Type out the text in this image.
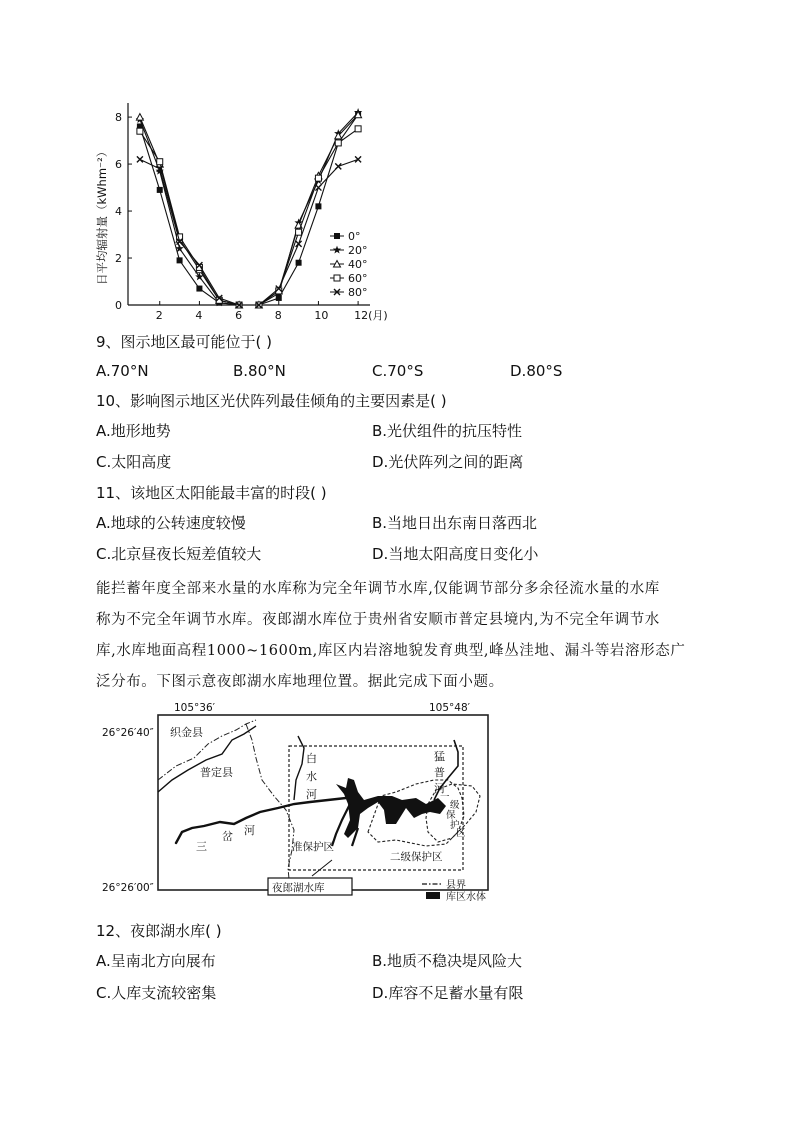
0
2
4
6
8
2	4	6	8	10 12(月)
日平均辐射量（kWhm⁻²）	0°
20°
40°
60°
80°
9、图示地区最可能位于( )
A.70°N	B.80°N	C.70°S	D.80°S
10、影响图示地区光伏阵列最佳倾角的主要因素是( )
A.地形地势	B.光伏组件的抗压特性
C.太阳高度	D.光伏阵列之间的距离
11、该地区太阳能最丰富的时段( )
A.地球的公转速度较慢	B.当地日出东南日落西北
C.北京昼夜长短差值较大	D.当地太阳高度日变化小
能拦蓄年度全部来水量的水库称为完全年调节水库,仅能调节部分多余径流水量的水库
称为不完全年调节水库。夜郎湖水库位于贵州省安顺市普定县境内,为不完全年调节水
库,水库地面高程1000~1600m,库区内岩溶地貌发育典型,峰丛洼地、漏斗等岩溶形态广
泛分布。下图示意夜郎湖水库地理位置。据此完成下面小题。
105°36′	105°48′
26°26′40″
26°26′00″
织金县
普定县
白
水
河
三
岔 河
猛
普
河
准保护区
二级保护区
一
级
保
护
区
夜郎湖水库	县界
库区水体
12、夜郎湖水库( )
A.呈南北方向展布	B.地质不稳决堤风险大
C.人库支流较密集	D.库容不足蓄水量有限
